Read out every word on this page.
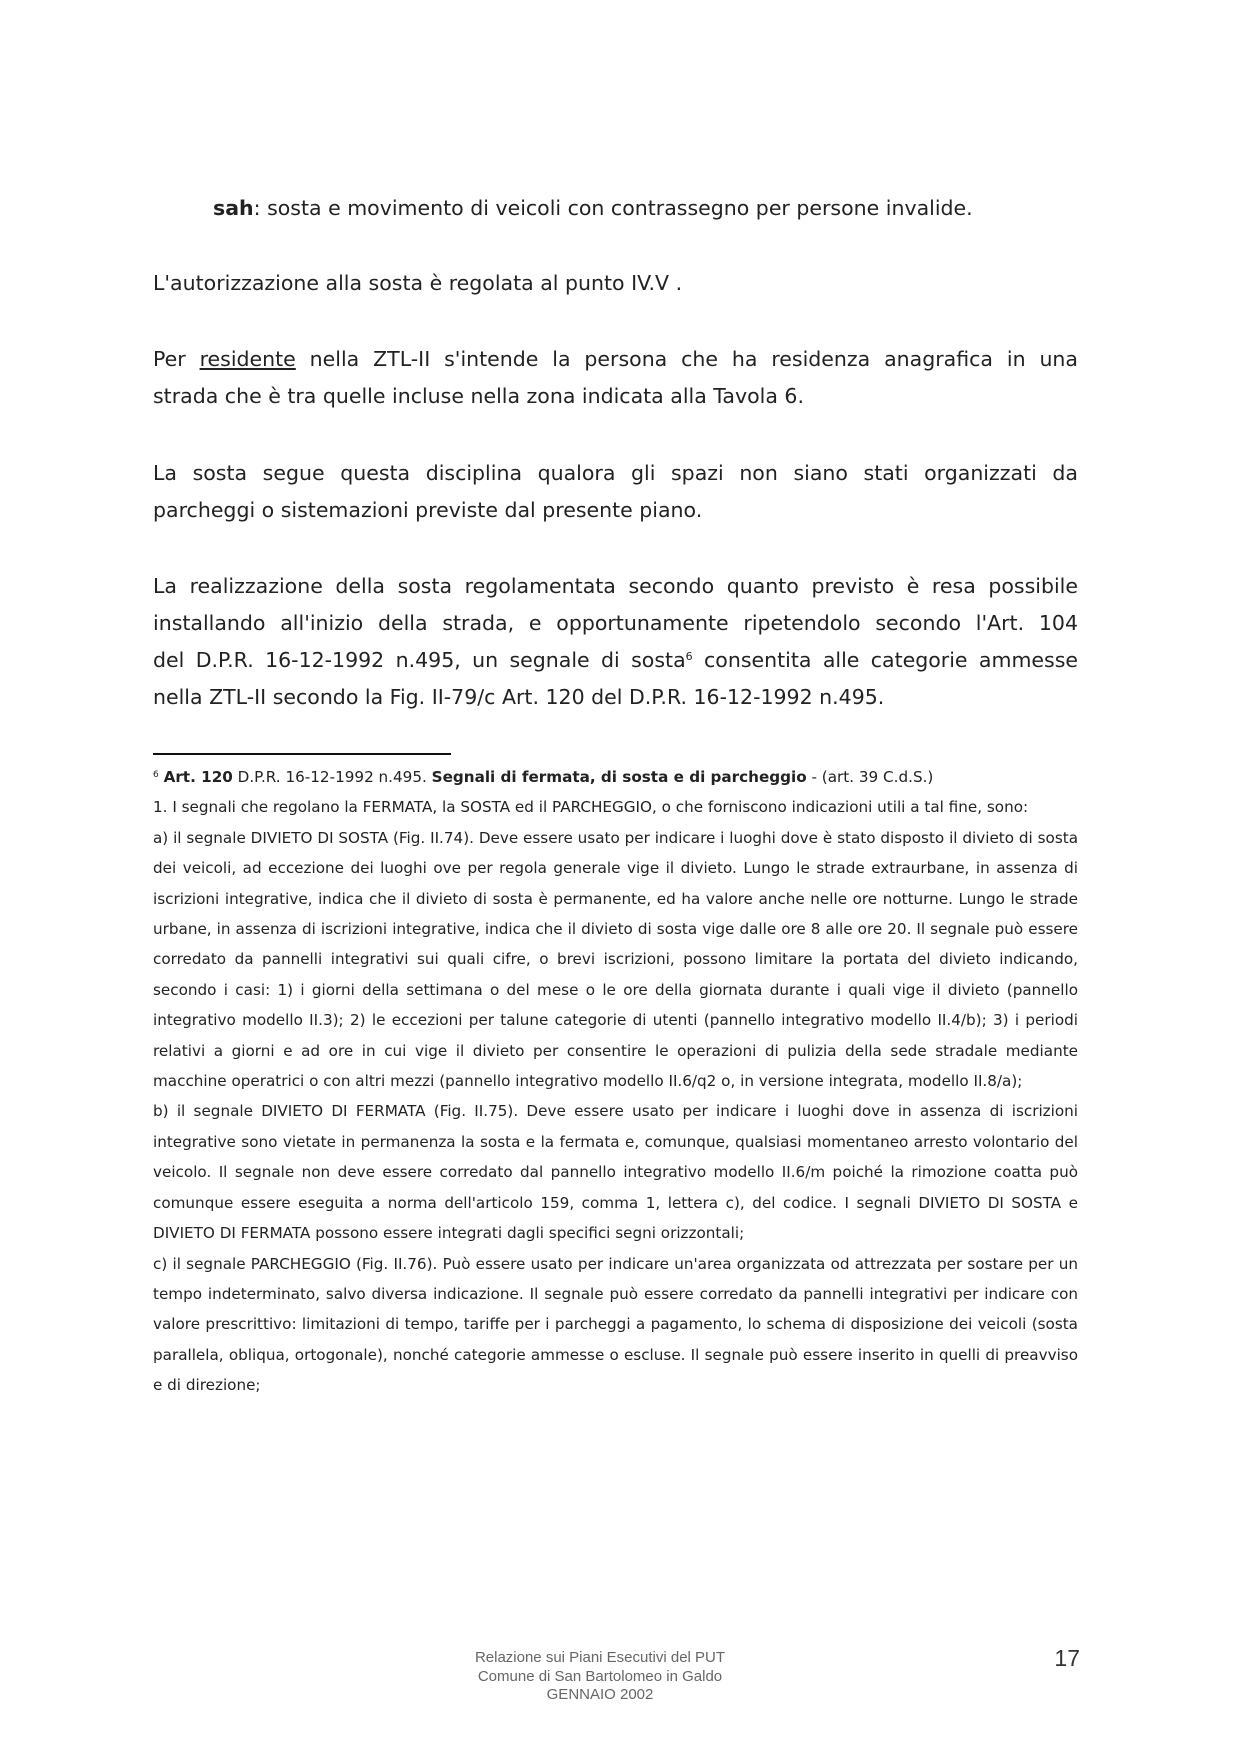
sah: sosta e movimento di veicoli con contrassegno per persone invalide.

L'autorizzazione alla sosta è regolata al punto IV.V .

Per residente nella ZTL-II s'intende la persona che ha residenza anagrafica in una
strada che è tra quelle incluse nella zona indicata alla Tavola 6.
La sosta segue questa disciplina qualora gli spazi non siano stati organizzati da
parcheggi o sistemazioni previste dal presente piano.
La realizzazione della sosta regolamentata secondo quanto previsto è resa possibile
installando all'inizio della strada, e opportunamente ripetendolo secondo l'Art. 104
del D.P.R. 16-12-1992 n.495, un segnale di sosta$^6$ consentita alle categorie ammesse
nella ZTL-II secondo la Fig. II-79/c Art. 120 del D.P.R. 16-12-1992 n.495.

$^6$ Art. 120 D.P.R. 16-12-1992 n.495. Segnali di fermata, di sosta e di parcheggio - (art. 39 C.d.S.)

1. I segnali che regolano la FERMATA, la SOSTA ed il PARCHEGGIO, o che forniscono indicazioni utili a tal fine, sono:

a) il segnale DIVIETO DI SOSTA (Fig. II.74). Deve essere usato per indicare i luoghi dove è stato disposto il divieto di sosta dei veicoli, ad eccezione dei luoghi ove per regola generale vige il divieto. Lungo le strade extraurbane, in assenza di iscrizioni integrative, indica che il divieto di sosta è permanente, ed ha valore anche nelle ore notturne. Lungo le strade urbane, in assenza di iscrizioni integrative, indica che il divieto di sosta vige dalle ore 8 alle ore 20. Il segnale può essere corredato da pannelli integrativi sui quali cifre, o brevi iscrizioni, possono limitare la portata del divieto indicando, secondo i casi: 1) i giorni della settimana o del mese o le ore della giornata durante i quali vige il divieto (pannello integrativo modello II.3); 2) le eccezioni per talune categorie di utenti (pannello integrativo modello II.4/b); 3) i periodi relativi a giorni e ad ore in cui vige il divieto per consentire le operazioni di pulizia della sede stradale mediante macchine operatrici o con altri mezzi (pannello integrativo modello II.6/q2 o, in versione integrata, modello II.8/a);

b) il segnale DIVIETO DI FERMATA (Fig. II.75). Deve essere usato per indicare i luoghi dove in assenza di iscrizioni integrative sono vietate in permanenza la sosta e la fermata e, comunque, qualsiasi momentaneo arresto volontario del veicolo. Il segnale non deve essere corredato dal pannello integrativo modello II.6/m poiché la rimozione coatta può comunque essere eseguita a norma dell'articolo 159, comma 1, lettera c), del codice. I segnali DIVIETO DI SOSTA e DIVIETO DI FERMATA possono essere integrati dagli specifici segni orizzontali;

c) il segnale PARCHEGGIO (Fig. II.76). Può essere usato per indicare un'area organizzata od attrezzata per sostare per un tempo indeterminato, salvo diversa indicazione. Il segnale può essere corredato da pannelli integrativi per indicare con valore prescrittivo: limitazioni di tempo, tariffe per i parcheggi a pagamento, lo schema di disposizione dei veicoli (sosta parallela, obliqua, ortogonale), nonché categorie ammesse o escluse. Il segnale può essere inserito in quelli di preavviso e di direzione;

Relazione sui Piani Esecutivi del PUT
Comune di San Bartolomeo in Galdo
GENNAIO 2002
17
